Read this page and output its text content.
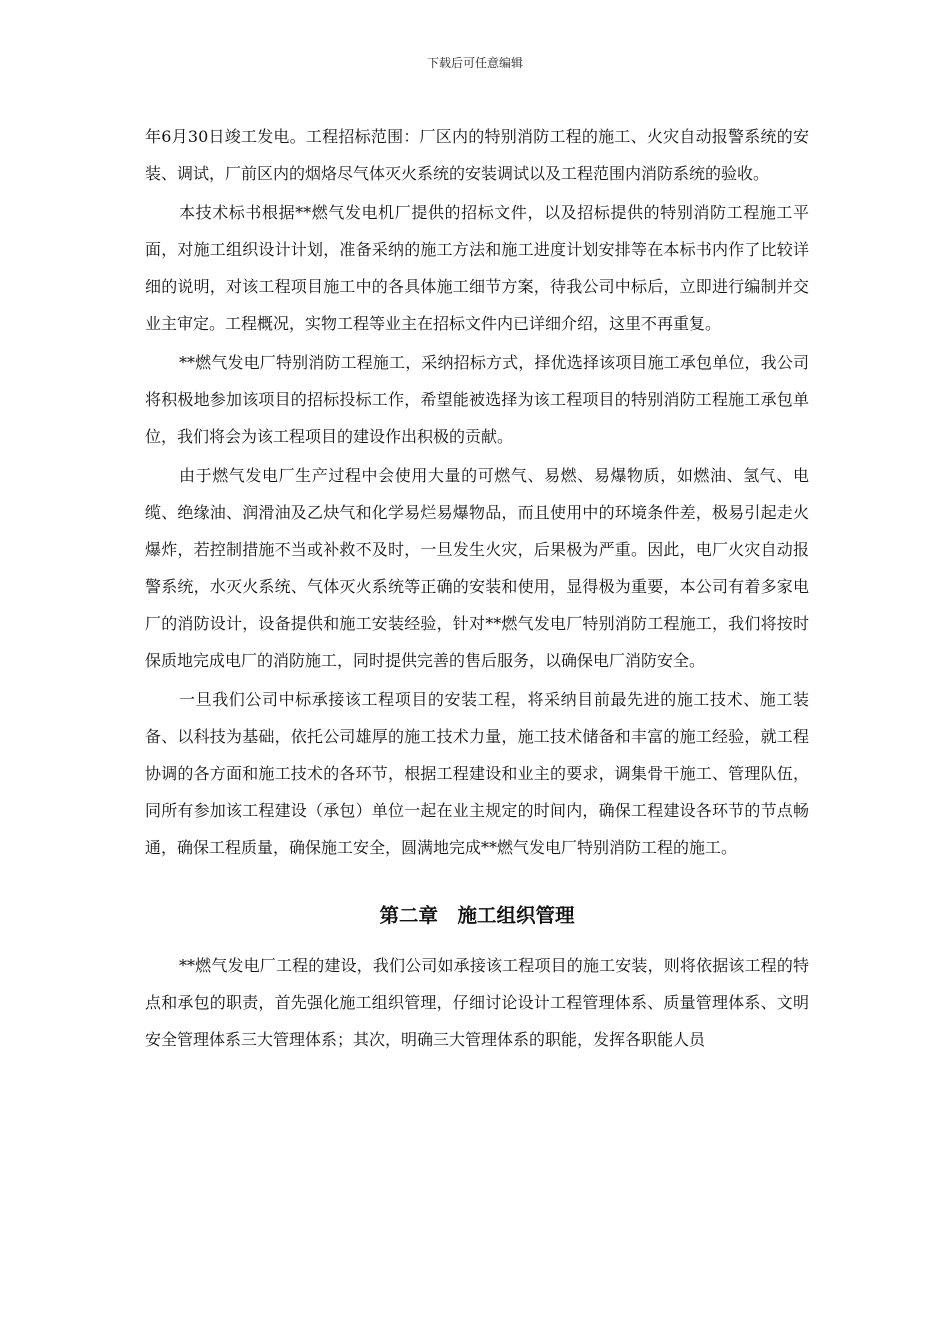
下载后可任意编辑

年6月30日竣工发电。工程招标范围：厂区内的特别消防工程的施工、火灾自动报警系统的安装、调试，厂前区内的烟烙尽气体灭火系统的安装调试以及工程范围内消防系统的验收。

本技术标书根据**燃气发电机厂提供的招标文件，以及招标提供的特别消防工程施工平面，对施工组织设计计划，准备采纳的施工方法和施工进度计划安排等在本标书内作了比较详细的说明，对该工程项目施工中的各具体施工细节方案，待我公司中标后，立即进行编制并交业主审定。工程概况，实物工程等业主在招标文件内已详细介绍，这里不再重复。

**燃气发电厂特别消防工程施工，采纳招标方式，择优选择该项目施工承包单位，我公司将积极地参加该项目的招标投标工作，希望能被选择为该工程项目的特别消防工程施工承包单位，我们将会为该工程项目的建设作出积极的贡献。

由于燃气发电厂生产过程中会使用大量的可燃气、易燃、易爆物质，如燃油、氢气、电缆、绝缘油、润滑油及乙炔气和化学易烂易爆物品，而且使用中的环境条件差，极易引起走火爆炸，若控制措施不当或补救不及时，一旦发生火灾，后果极为严重。因此，电厂火灾自动报警系统，水灭火系统、气体灭火系统等正确的安装和使用，显得极为重要，本公司有着多家电厂的消防设计，设备提供和施工安装经验，针对**燃气发电厂特别消防工程施工，我们将按时保质地完成电厂的消防施工，同时提供完善的售后服务，以确保电厂消防安全。

一旦我们公司中标承接该工程项目的安装工程，将采纳目前最先进的施工技术、施工装备、以科技为基础，依托公司雄厚的施工技术力量，施工技术储备和丰富的施工经验，就工程协调的各方面和施工技术的各环节，根据工程建设和业主的要求，调集骨干施工、管理队伍，同所有参加该工程建设（承包）单位一起在业主规定的时间内，确保工程建设各环节的节点畅通，确保工程质量，确保施工安全，圆满地完成**燃气发电厂特别消防工程的施工。

第二章　施工组织管理

**燃气发电厂工程的建设，我们公司如承接该工程项目的施工安装，则将依据该工程的特点和承包的职责，首先强化施工组织管理，仔细讨论设计工程管理体系、质量管理体系、文明安全管理体系三大管理体系；其次，明确三大管理体系的职能，发挥各职能人员
